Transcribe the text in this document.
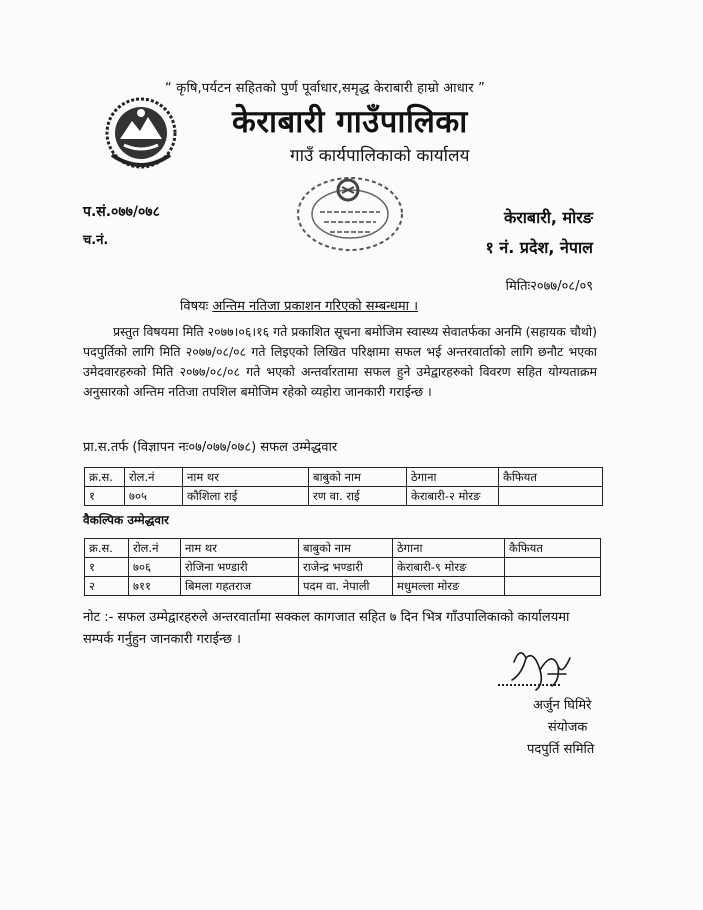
“ कृषि,पर्यटन सहितको पुर्ण पूर्वाधार,समृद्ध केराबारी हाम्रो आधार ”
केराबारी गाउँपालिका
गाउँ कार्यपालिकाको कार्यालय
प.सं.०७७/०७८
च.नं.
केराबारी, मोरङ
१ नं. प्रदेश, नेपाल
मितिः२०७७/०८/०९
विषयः अन्तिम नतिजा प्रकाशन गरिएको सम्बन्धमा ।
प्रस्तुत विषयमा मिति २०७७।०६।१६ गते प्रकाशित सूचना बमोजिम स्वास्थ्य सेवातर्फका अनमि (सहायक चौथो) पदपुर्तिको लागि मिति २०७७/०८/०८ गते लिइएको लिखित परिक्षामा सफल भई अन्तरवार्ताको लागि छनौट भएका उमेदवारहरुको मिति २०७७/०८/०८ गते भएको अन्तर्वारतामा सफल हुने उमेद्वारहरुको विवरण सहित योग्यताक्रम अनुसारको अन्तिम नतिजा तपशिल बमोजिम रहेको व्यहोरा जानकारी गराईन्छ ।
प्रा.स.तर्फ (विज्ञापन नः०७/०७७/०७८) सफल उम्मेद्धवार
क्र.स.	रोल.नं	नाम थर	बाबुको नाम	ठेगाना	कैफियत
१	७०५	कौशिला राई	रण वा. राई	केराबारी-२ मोरङ	
वैकल्पिक उम्मेद्धवार
क्र.स.	रोल.नं	नाम थर	बाबुको नाम	ठेगाना	कैफियत
१	७०६	रोजिना भण्डारी	राजेन्द्र भण्डारी	केराबारी-९ मोरङ	
२	७११	बिमला गहतराज	पदम वा. नेपाली	मधुमल्ला मोरङ	
नोट :- सफल उम्मेद्वारहरुले अन्तरवार्तामा सक्कल कागजात सहित ७ दिन भित्र गाँउपालिकाको कार्यालयमा सम्पर्क गर्नुहुन जानकारी गराईन्छ ।
अर्जुन घिमिरे
संयोजक
पदपुर्ति समिति
